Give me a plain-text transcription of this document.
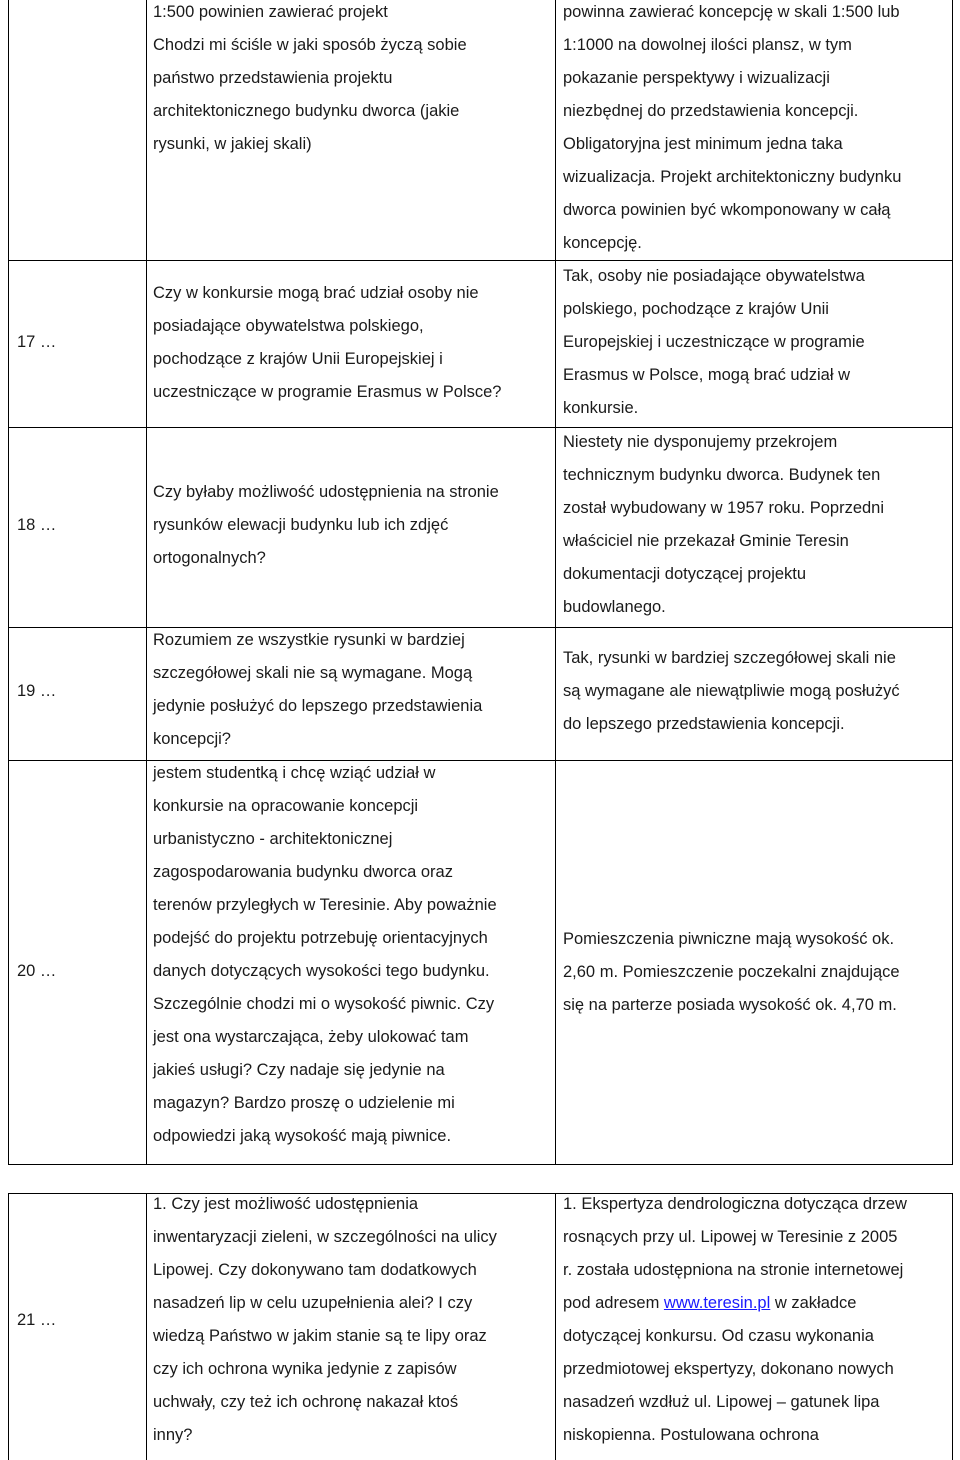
1:500 powinien zawierać projekt
Chodzi mi ściśle w jaki sposób życzą sobie
państwo przedstawienia projektu
architektonicznego budynku dworca (jakie
rysunki, w jakiej skali)
powinna zawierać koncepcję w skali 1:500 lub
1:1000 na dowolnej ilości plansz, w tym
pokazanie perspektywy i wizualizacji
niezbędnej do przedstawienia koncepcji.
Obligatoryjna jest minimum jedna taka
wizualizacja. Projekt architektoniczny budynku
dworca powinien być wkomponowany w całą
koncepcję.
17 …
Czy w konkursie mogą brać udział osoby nie
posiadające obywatelstwa polskiego,
pochodzące z krajów Unii Europejskiej i
uczestniczące w programie Erasmus w Polsce?
Tak, osoby nie posiadające obywatelstwa
polskiego, pochodzące z krajów Unii
Europejskiej i uczestniczące w programie
Erasmus w Polsce, mogą brać udział w
konkursie.
18 …
Czy byłaby możliwość udostępnienia na stronie
rysunków elewacji budynku lub ich zdjęć
ortogonalnych?
Niestety nie dysponujemy przekrojem
technicznym budynku dworca. Budynek ten
został wybudowany w 1957 roku. Poprzedni
właściciel nie przekazał Gminie Teresin
dokumentacji dotyczącej projektu
budowlanego.
19 …
Rozumiem ze wszystkie rysunki w bardziej
szczegółowej skali nie są wymagane. Mogą
jedynie posłużyć do lepszego przedstawienia
koncepcji?
Tak, rysunki w bardziej szczegółowej skali nie
są wymagane ale niewątpliwie mogą posłużyć
do lepszego przedstawienia koncepcji.
20 …
jestem studentką i chcę wziąć udział w
konkursie na opracowanie koncepcji
urbanistyczno - architektonicznej
zagospodarowania budynku dworca oraz
terenów przyległych w Teresinie. Aby poważnie
podejść do projektu potrzebuję orientacyjnych
danych dotyczących wysokości tego budynku.
Szczególnie chodzi mi o wysokość piwnic. Czy
jest ona wystarczająca, żeby ulokować tam
jakieś usługi? Czy nadaje się jedynie na
magazyn? Bardzo proszę o udzielenie mi
odpowiedzi jaką wysokość mają piwnice.
Pomieszczenia piwniczne mają wysokość ok.
2,60 m. Pomieszczenie poczekalni znajdujące
się na parterze posiada wysokość ok. 4,70 m.
21 …
1. Czy jest możliwość udostępnienia
inwentaryzacji zieleni, w szczególności na ulicy
Lipowej. Czy dokonywano tam dodatkowych
nasadzeń lip w celu uzupełnienia alei? I czy
wiedzą Państwo w jakim stanie są te lipy oraz
czy ich ochrona wynika jedynie z zapisów
uchwały, czy też ich ochronę nakazał ktoś
inny?
1. Ekspertyza dendrologiczna dotycząca drzew
rosnących przy ul. Lipowej w Teresinie z 2005
r. została udostępniona na stronie internetowej
pod adresem www.teresin.pl w zakładce
dotyczącej konkursu. Od czasu wykonania
przedmiotowej ekspertyzy, dokonano nowych
nasadzeń wzdłuż ul. Lipowej – gatunek lipa
niskopienna. Postulowana ochrona
